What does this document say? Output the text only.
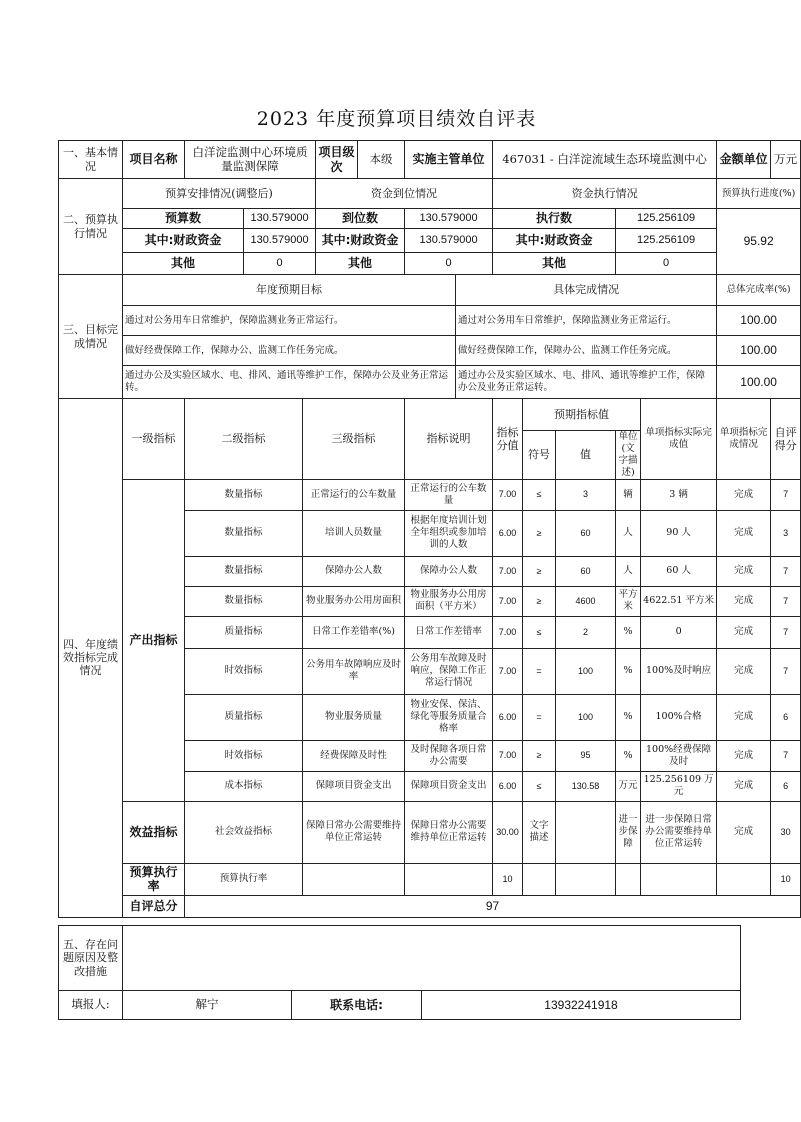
2023 年度预算项目绩效自评表
一、基本情况	项目名称	白洋淀监测中心环境质量监测保障			项目级次	本级	实施主管单位		467031 - 白洋淀流域生态环境监测中心					金额单位	万元
二、预算执行情况	预算安排情况(调整后)				资金到位情况				资金执行情况					预算执行进度(%)	
	预算数		130.579000		到位数		130.579000		执行数			125.256109		95.92	
	其中:财政资金		130.579000		其中:财政资金		130.579000		其中:财政资金			125.256109			
	其他		0		其他		0		其他			0			
三、目标完成情况	年度预期目标							具体完成情况						总体完成率(%)	
	通过对公务用车日常维护，保障监测业务正常运行。							通过对公务用车日常维护，保障监测业务正常运行。						100.00	
	做好经费保障工作，保障办公、监测工作任务完成。							做好经费保障工作，保障办公、监测工作任务完成。						100.00	
	通过办公及实验区域水、电、排风、通讯等维护工作，保障办公及业务正常运转。							通过办公及实验区域水、电、排风、通讯等维护工作，保障办公及业务正常运转。						100.00	
四、年度绩效指标完成情况	一级指标	二级指标		三级指标			指标说明		指标分值	预期指标值			单项指标实际完成值	单项指标完成情况	自评得分
										符号	值	单位(文字描述)			
	产出指标	数量指标		正常运行的公车数量			正常运行的公车数量		7.00	≤	3	辆	3 辆	完成	7
		数量指标		培训人员数量			根据年度培训计划全年组织或参加培训的人数		6.00	≥	60	人	90 人	完成	3
		数量指标		保障办公人数			保障办公人数		7.00	≥	60	人	60 人	完成	7
		数量指标		物业服务办公用房面积			物业服务办公用房面积（平方米）		7.00	≥	4600	平方米	4622.51 平方米	完成	7
		质量指标		日常工作差错率(%)			日常工作差错率		7.00	≤	2	%	0	完成	7
		时效指标		公务用车故障响应及时率			公务用车故障及时响应，保障工作正常运行情况		7.00	=	100	%	100%及时响应	完成	7
		质量指标		物业服务质量			物业安保、保洁、绿化等服务质量合格率		6.00	=	100	%	100%合格	完成	6
		时效指标		经费保障及时性			及时保障各项日常办公需要		7.00	≥	95	%	100%经费保障及时	完成	7
		成本指标		保障项目资金支出			保障项目资金支出		6.00	≤	130.58	万元	125.256109 万元	完成	6
	效益指标	社会效益指标		保障日常办公需要维持单位正常运转			保障日常办公需要维持单位正常运转		30.00	文字描述		进一步保障	进一步保障日常办公需要维持单位正常运转	完成	30
	预算执行率	预算执行率							10						10
	自评总分	97													
五、存在问题原因及整改措施			
填报人:	解宁	联系电话:	13932241918
